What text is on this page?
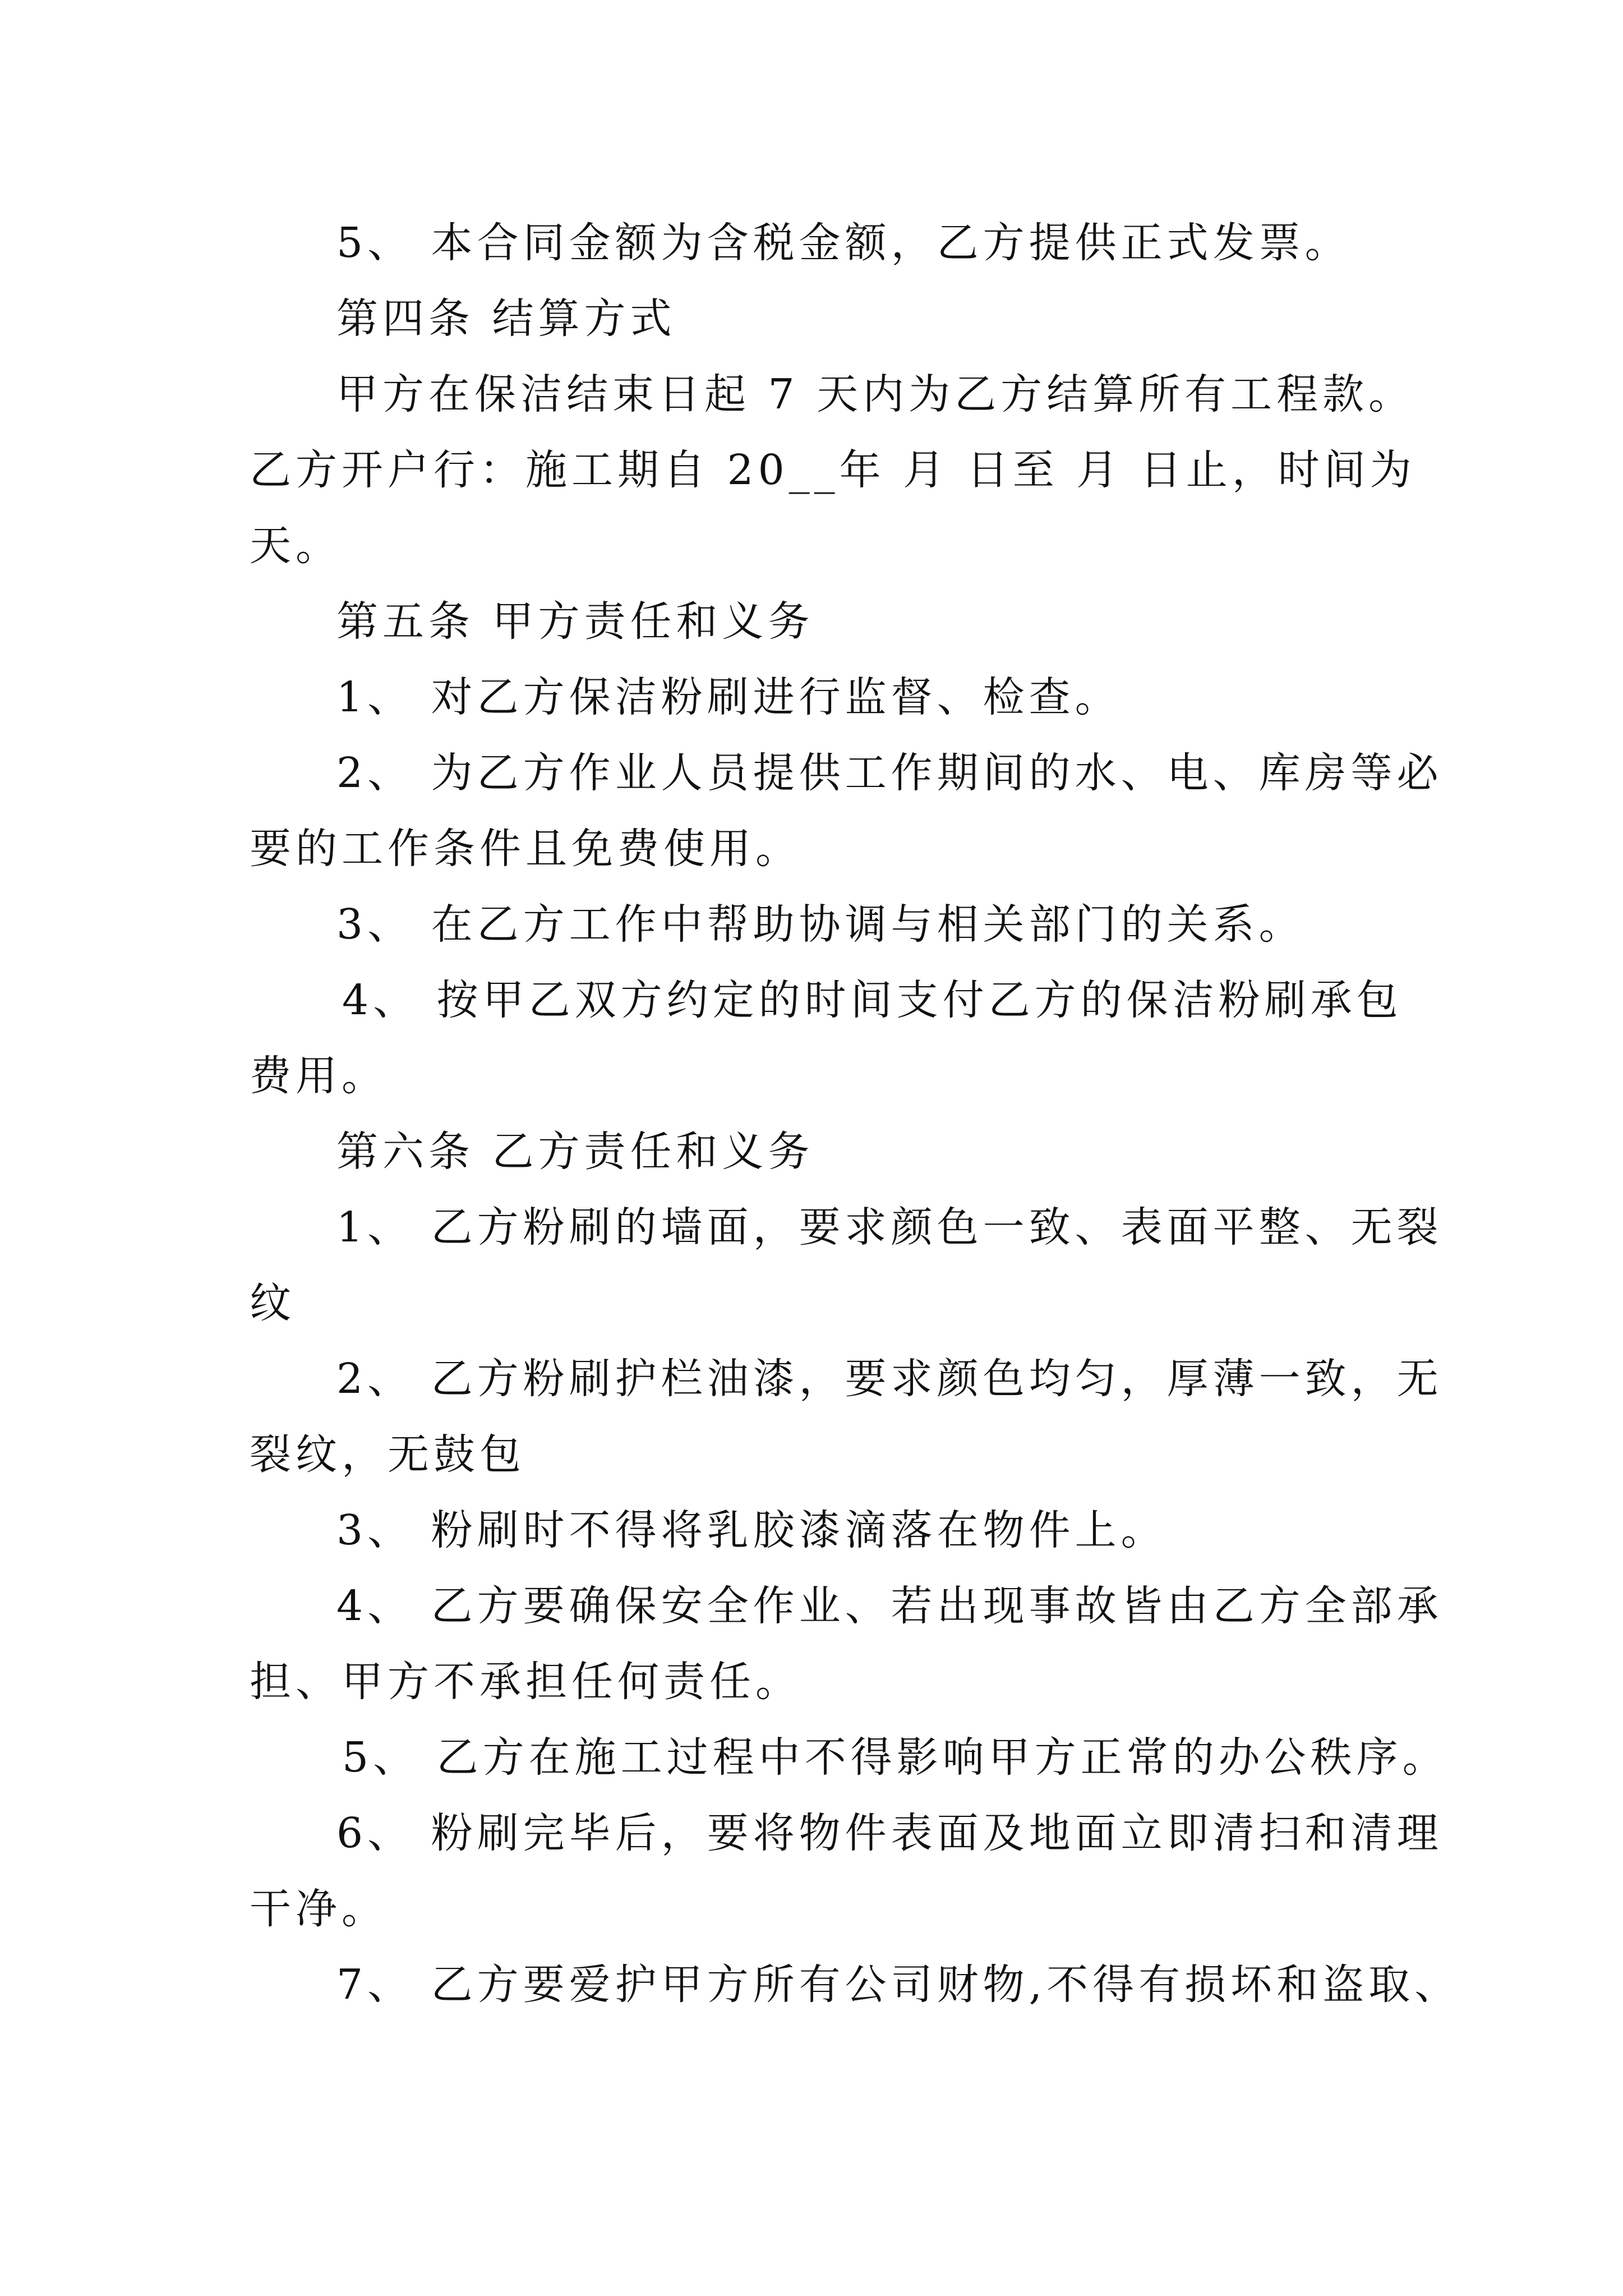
5、 本合同金额为含税金额，乙方提供正式发票。
第四条 结算方式
甲方在保洁结束日起 7 天内为乙方结算所有工程款。
乙方开户行：施工期自 20__年 月 日至 月 日止，时间为
天。
第五条 甲方责任和义务
1、 对乙方保洁粉刷进行监督、检查。
2、 为乙方作业人员提供工作期间的水、电、库房等必
要的工作条件且免费使用。
3、 在乙方工作中帮助协调与相关部门的关系。
4、 按甲乙双方约定的时间支付乙方的保洁粉刷承包
费用。
第六条 乙方责任和义务
1、 乙方粉刷的墙面，要求颜色一致、表面平整、无裂
纹
2、 乙方粉刷护栏油漆，要求颜色均匀，厚薄一致，无
裂纹，无鼓包
3、 粉刷时不得将乳胶漆滴落在物件上。
4、 乙方要确保安全作业、若出现事故皆由乙方全部承
担、甲方不承担任何责任。
5、 乙方在施工过程中不得影响甲方正常的办公秩序。
6、 粉刷完毕后，要将物件表面及地面立即清扫和清理
干净。
7、 乙方要爱护甲方所有公司财物,不得有损坏和盗取、
